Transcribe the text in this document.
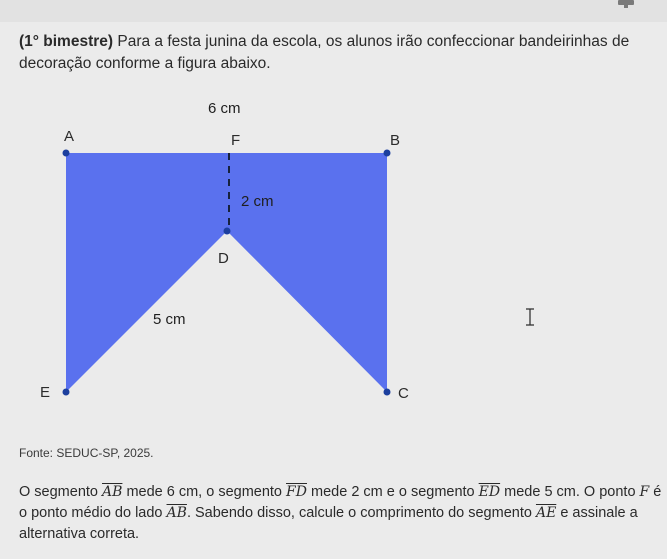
(1° bimestre) Para a festa junina da escola, os alunos irão confeccionar bandeirinhas de decoração conforme a figura abaixo.

6 cm
A	F	B
2 cm
D
5 cm
E	C
Fonte: SEDUC-SP, 2025.

O segmento $\overline{AB}$ mede 6 cm, o segmento $\overline{FD}$ mede 2 cm e o segmento $\overline{ED}$ mede 5 cm. O ponto F é o ponto médio do lado $\overline{AB}$. Sabendo disso, calcule o comprimento do segmento $\overline{AE}$ e assinale a alternativa correta.
